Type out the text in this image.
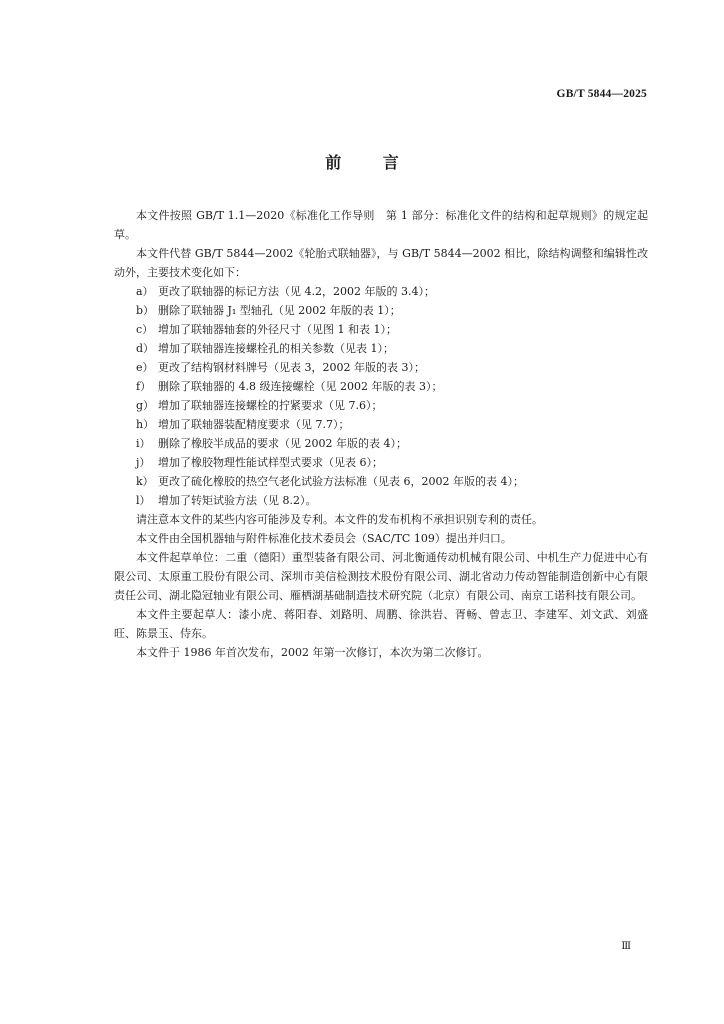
GB/T 5844—2025
前 言

本文件按照 GB/T 1.1—2020《标准化工作导则　第 1 部分：标准化文件的结构和起草规则》的规定起草。

本文件代替 GB/T 5844—2002《轮胎式联轴器》，与 GB/T 5844—2002 相比，除结构调整和编辑性改动外，主要技术变化如下：

a） 更改了联轴器的标记方法（见 4.2，2002 年版的 3.4）；
b） 删除了联轴器 J₁ 型轴孔（见 2002 年版的表 1）；
c） 增加了联轴器轴套的外径尺寸（见图 1 和表 1）；
d） 增加了联轴器连接螺栓孔的相关参数（见表 1）；
e） 更改了结构钢材料牌号（见表 3，2002 年版的表 3）；
f） 删除了联轴器的 4.8 级连接螺栓（见 2002 年版的表 3）；
g） 增加了联轴器连接螺栓的拧紧要求（见 7.6）；
h） 增加了联轴器装配精度要求（见 7.7）；
i） 删除了橡胶半成品的要求（见 2002 年版的表 4）；
j） 增加了橡胶物理性能试样型式要求（见表 6）；
k） 更改了硫化橡胶的热空气老化试验方法标准（见表 6，2002 年版的表 4）；
l） 增加了转矩试验方法（见 8.2）。

请注意本文件的某些内容可能涉及专利。本文件的发布机构不承担识别专利的责任。

本文件由全国机器轴与附件标准化技术委员会（SAC/TC 109）提出并归口。

本文件起草单位：二重（德阳）重型装备有限公司、河北衡通传动机械有限公司、中机生产力促进中心有限公司、太原重工股份有限公司、深圳市美信检测技术股份有限公司、湖北省动力传动智能制造创新中心有限责任公司、湖北隐冠轴业有限公司、雁栖湖基础制造技术研究院（北京）有限公司、南京工诺科技有限公司。

本文件主要起草人：漆小虎、蒋阳春、刘路明、周鹏、徐洪岩、胥畅、曾志卫、李建军、刘文武、刘盛旺、陈景玉、侍东。

本文件于 1986 年首次发布，2002 年第一次修订，本次为第二次修订。

Ⅲ
